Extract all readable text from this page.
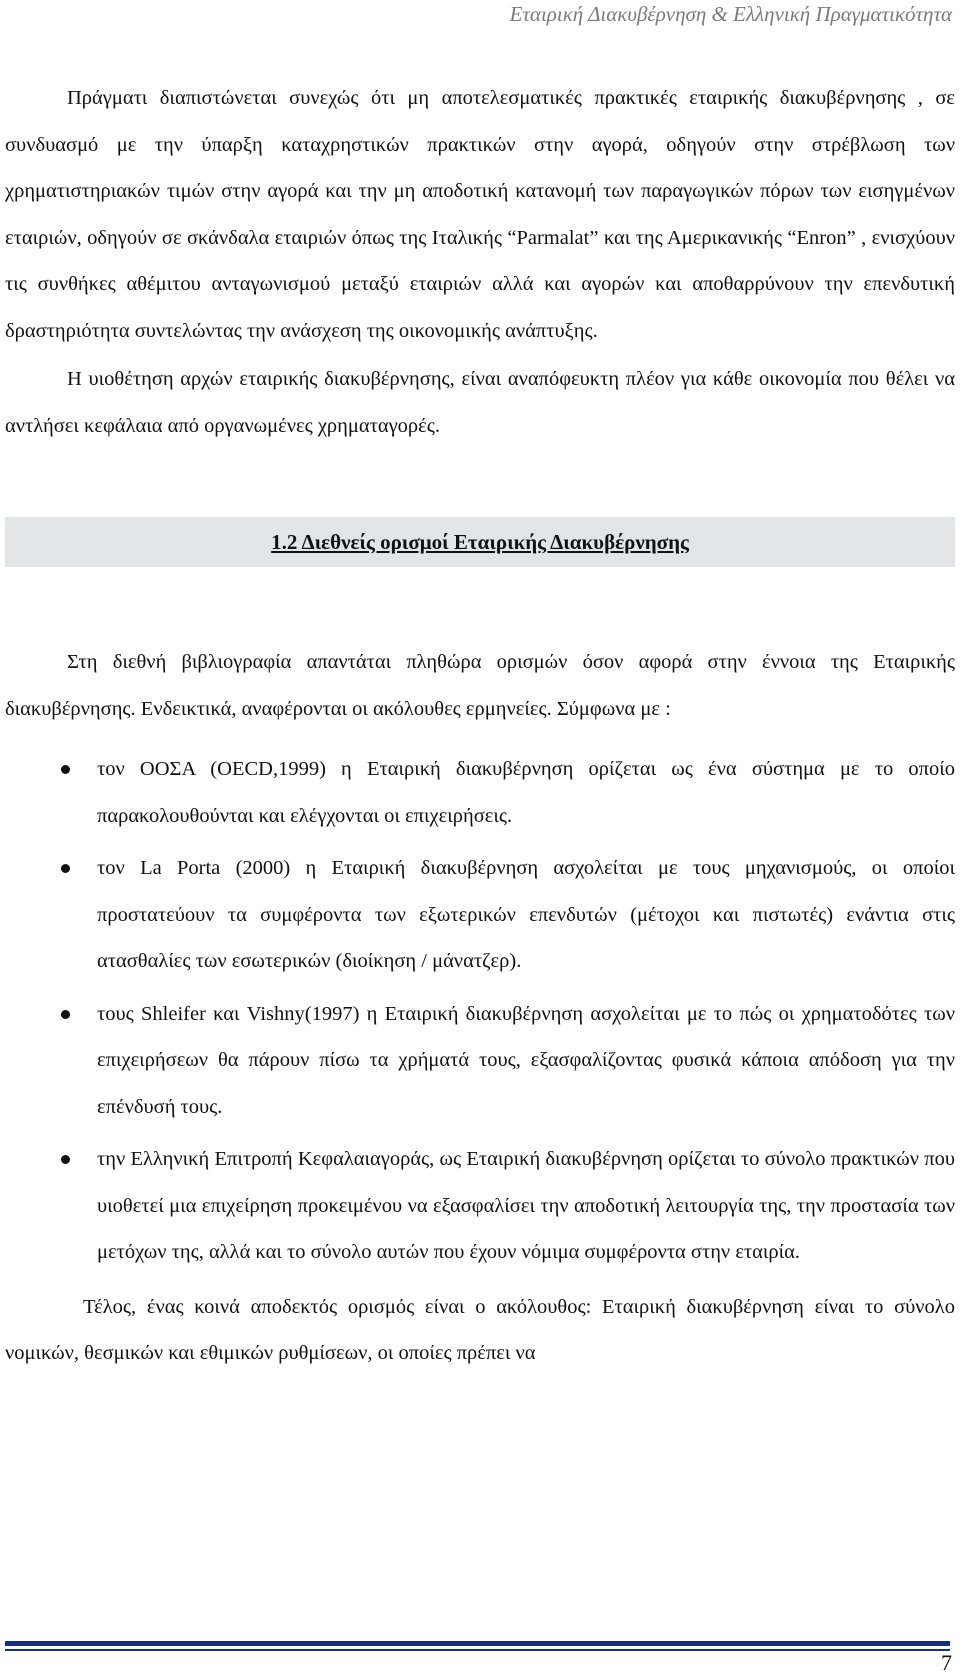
Εταιρική Διακυβέρνηση & Ελληνική Πραγματικότητα

Πράγματι διαπιστώνεται συνεχώς ότι μη αποτελεσματικές πρακτικές εταιρικής διακυβέρνησης , σε συνδυασμό με την ύπαρξη καταχρηστικών πρακτικών στην αγορά, οδηγούν στην στρέβλωση των χρηματιστηριακών τιμών στην αγορά και την μη αποδοτική κατανομή των παραγωγικών πόρων των εισηγμένων εταιριών, οδηγούν σε σκάνδαλα εταιριών όπως της Ιταλικής “Parmalat” και της Αμερικανικής “Enron” , ενισχύουν τις συνθήκες αθέμιτου ανταγωνισμού μεταξύ εταιριών αλλά και αγορών και αποθαρρύνουν την επενδυτική δραστηριότητα συντελώντας την ανάσχεση της οικονομικής ανάπτυξης.

Η υιοθέτηση αρχών εταιρικής διακυβέρνησης, είναι αναπόφευκτη πλέον για κάθε οικονομία που θέλει να αντλήσει κεφάλαια από οργανωμένες χρηματαγορές.

1.2 Διεθνείς ορισμοί Εταιρικής Διακυβέρνησης

Στη διεθνή βιβλιογραφία απαντάται πληθώρα ορισμών όσον αφορά στην έννοια της Εταιρικής διακυβέρνησης. Ενδεικτικά, αναφέρονται οι ακόλουθες ερμηνείες. Σύμφωνα με :

τον ΟΟΣΑ (OECD,1999) η Εταιρική διακυβέρνηση ορίζεται ως ένα σύστημα με το οποίο παρακολουθούνται και ελέγχονται οι επιχειρήσεις.
τον La Porta (2000) η Εταιρική διακυβέρνηση ασχολείται με τους μηχανισμούς, οι οποίοι προστατεύουν τα συμφέροντα των εξωτερικών επενδυτών (μέτοχοι και πιστωτές) ενάντια στις ατασθαλίες των εσωτερικών (διοίκηση / μάνατζερ).
τους Shleifer και Vishny(1997) η Εταιρική διακυβέρνηση ασχολείται με το πώς οι χρηματοδότες των επιχειρήσεων θα πάρουν πίσω τα χρήματά τους, εξασφαλίζοντας φυσικά κάποια απόδοση για την επένδυσή τους.
την Ελληνική Επιτροπή Κεφαλαιαγοράς, ως Εταιρική διακυβέρνηση ορίζεται το σύνολο πρακτικών που υιοθετεί μια επιχείρηση προκειμένου να εξασφαλίσει την αποδοτική λειτουργία της, την προστασία των μετόχων της, αλλά και το σύνολο αυτών που έχουν νόμιμα συμφέροντα στην εταιρία.

Τέλος, ένας κοινά αποδεκτός ορισμός είναι ο ακόλουθος: Εταιρική διακυβέρνηση είναι το σύνολο νομικών, θεσμικών και εθιμικών ρυθμίσεων, οι οποίες πρέπει να

7
